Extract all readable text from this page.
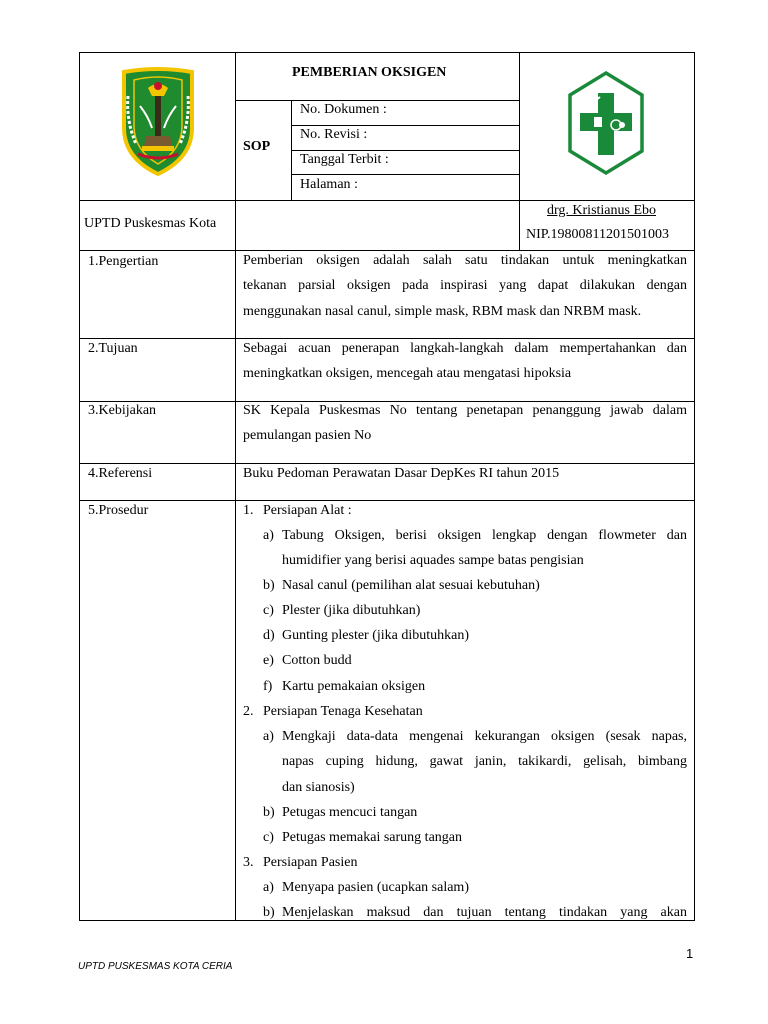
PEMBERIAN OKSIGEN
SOP
No. Dokumen :
No. Revisi :
Tanggal Terbit :
Halaman :
UPTD Puskesmas Kota
drg. Kristianus Ebo
NIP.19800811201501003
1.Pengertian	Pemberian oksigen adalah salah satu tindakan untuk meningkatkan
tekanan parsial oksigen pada inspirasi yang dapat dilakukan dengan
menggunakan nasal canul, simple mask, RBM mask dan NRBM mask.
2.Tujuan	Sebagai acuan penerapan langkah-langkah dalam mempertahankan dan
meningkatkan oksigen, mencegah atau mengatasi hipoksia
3.Kebijakan	SK Kepala Puskesmas No tentang penetapan penanggung jawab dalam
pemulangan pasien No
4.Referensi	Buku Pedoman Perawatan Dasar DepKes RI tahun 2015
5.Prosedur	1. Persiapan Alat :
a) Tabung Oksigen, berisi oksigen lengkap dengan flowmeter dan
humidifier yang berisi aquades sampe batas pengisian
b) Nasal canul (pemilihan alat sesuai kebutuhan)
c) Plester (jika dibutuhkan)
d) Gunting plester (jika dibutuhkan)
e) Cotton budd
f) Kartu pemakaian oksigen
2. Persiapan Tenaga Kesehatan
a) Mengkaji data-data mengenai kekurangan oksigen (sesak napas,
napas cuping hidung, gawat janin, takikardi, gelisah, bimbang
dan sianosis)
b) Petugas mencuci tangan
c) Petugas memakai sarung tangan
3. Persiapan Pasien
a) Menyapa pasien (ucapkan salam)
b) Menjelaskan maksud dan tujuan tentang tindakan yang akan
1
UPTD PUSKESMAS KOTA CERIA
